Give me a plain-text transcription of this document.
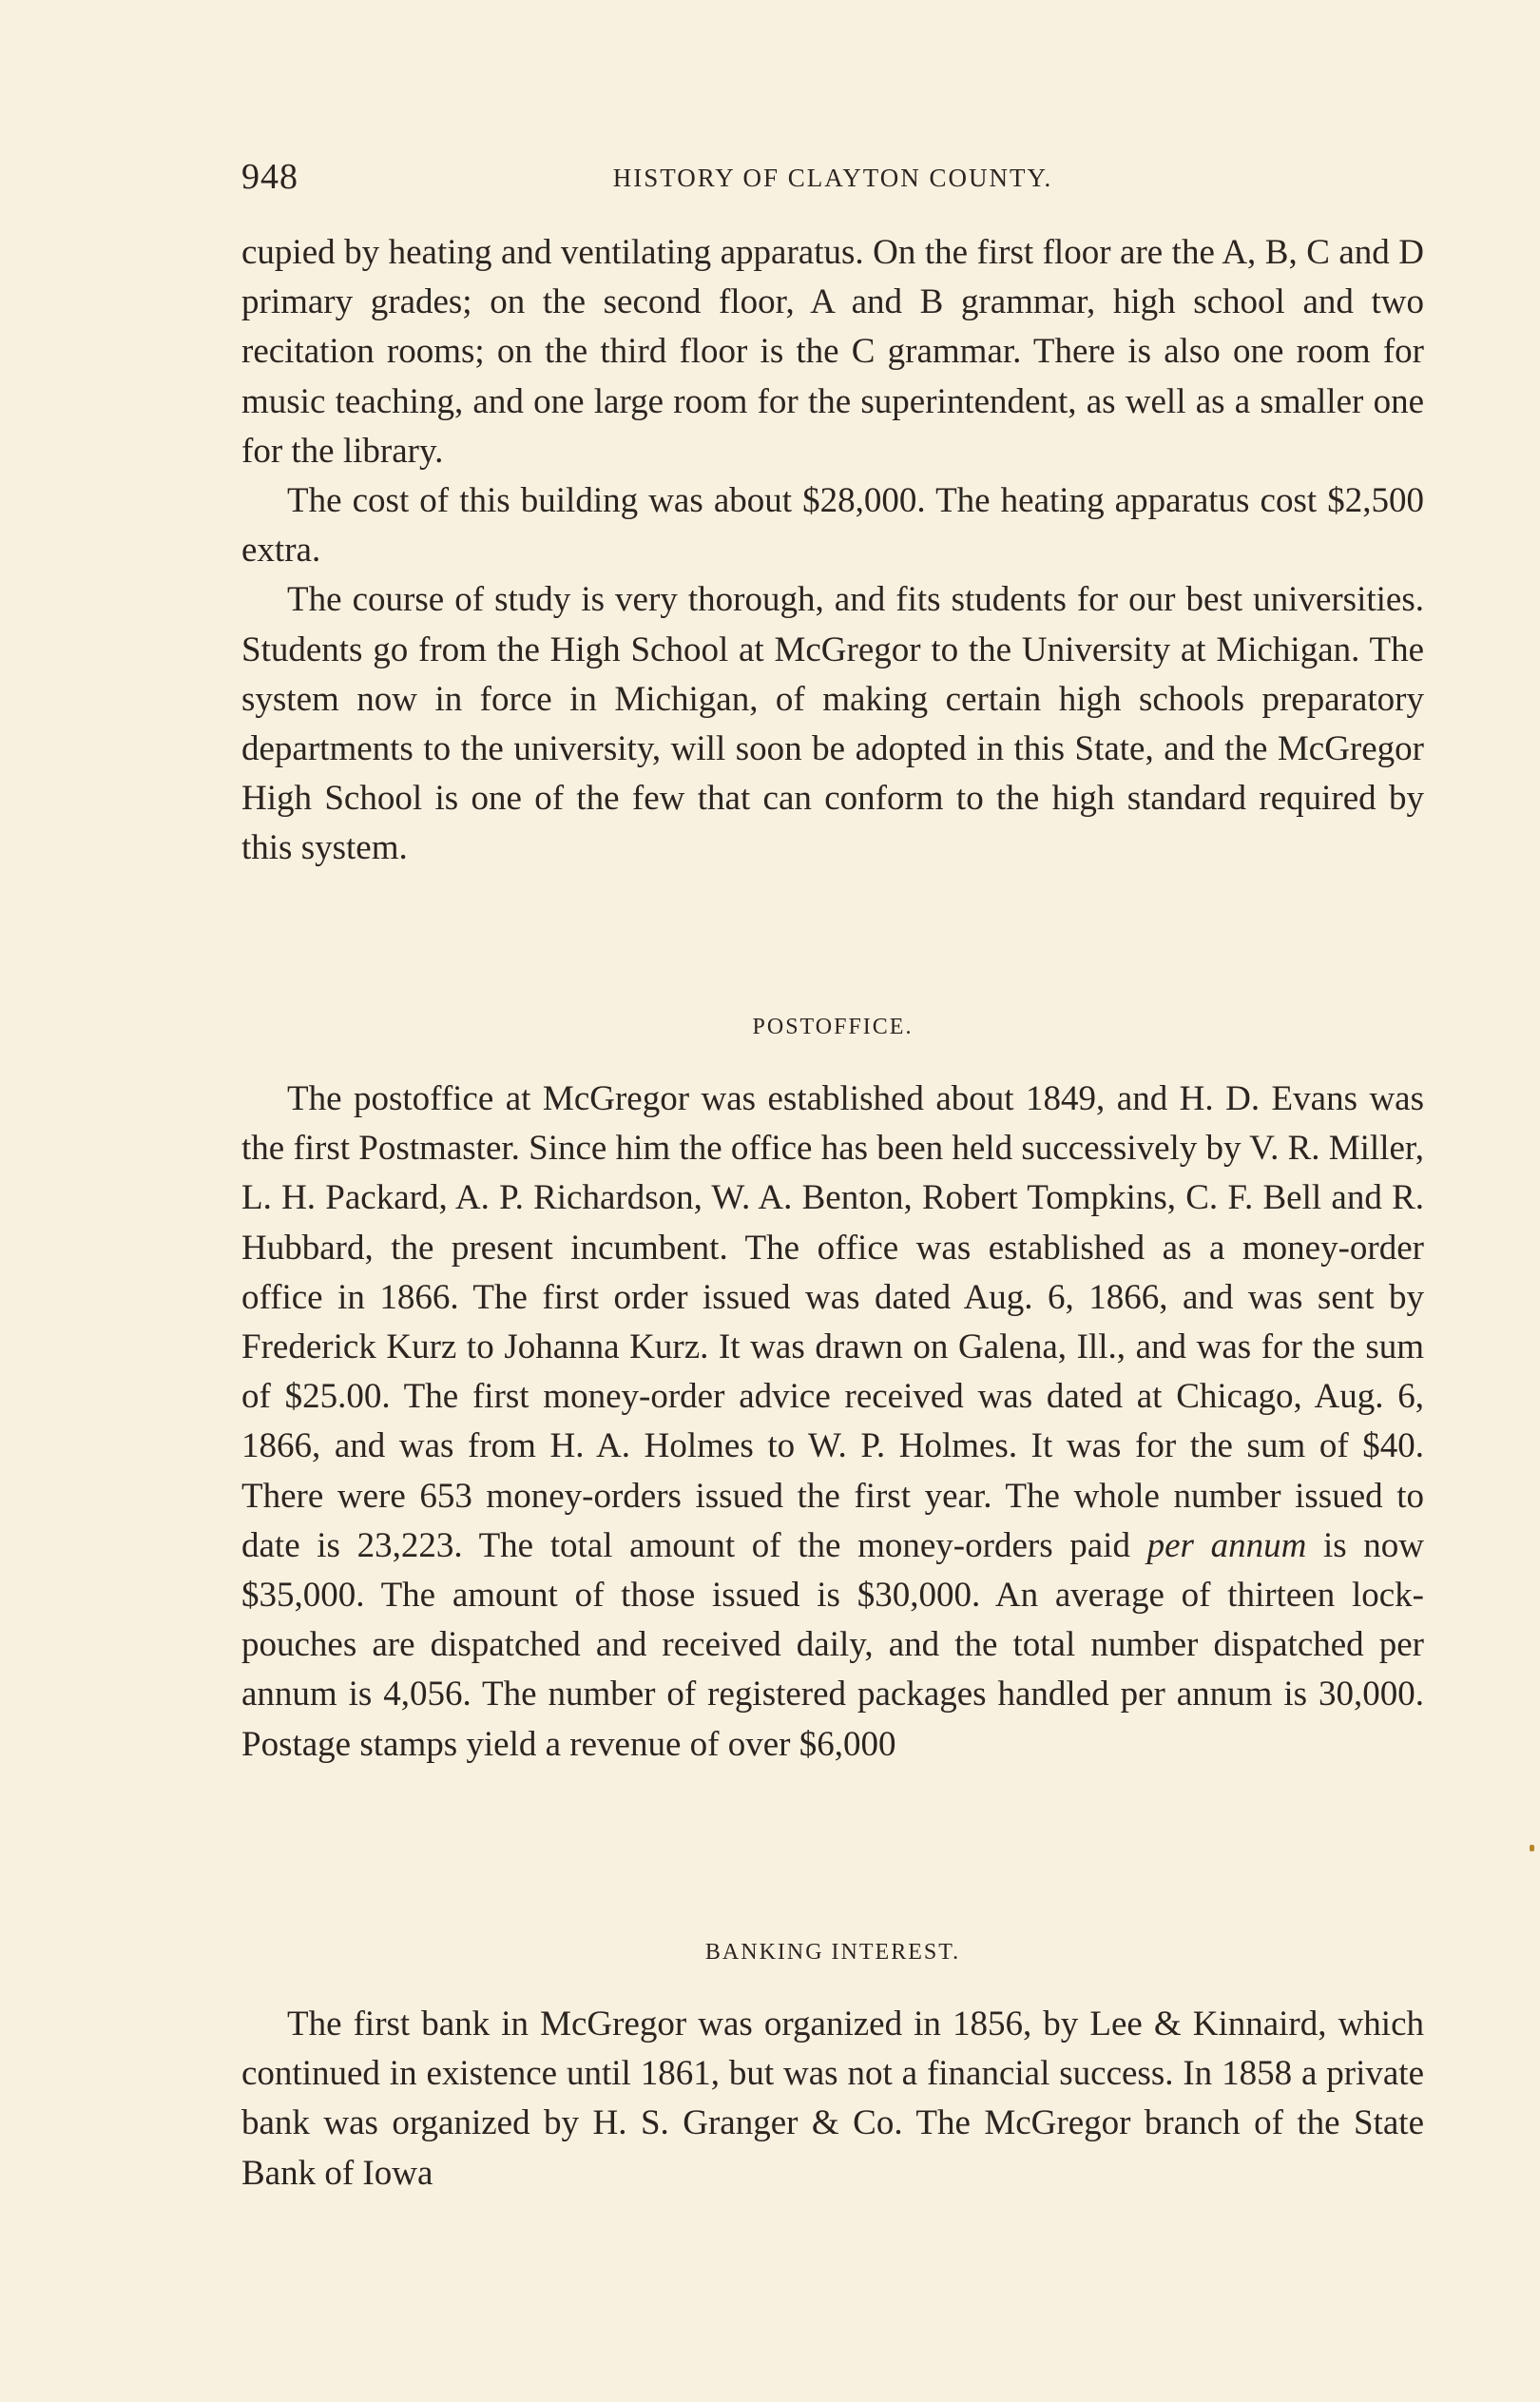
948	HISTORY OF CLAYTON COUNTY.

cupied by heating and ventilating apparatus. On the first floor are the A, B, C and D primary grades; on the second floor, A and B grammar, high school and two recitation rooms; on the third floor is the C grammar. There is also one room for music teaching, and one large room for the superintendent, as well as a smaller one for the library.

The cost of this building was about $28,000. The heating apparatus cost $2,500 extra.

The course of study is very thorough, and fits students for our best universities. Students go from the High School at McGregor to the University at Michigan. The system now in force in Michigan, of making certain high schools preparatory departments to the university, will soon be adopted in this State, and the McGregor High School is one of the few that can conform to the high standard required by this system.

POSTOFFICE.

The postoffice at McGregor was established about 1849, and H. D. Evans was the first Postmaster. Since him the office has been held successively by V. R. Miller, L. H. Packard, A. P. Richardson, W. A. Benton, Robert Tompkins, C. F. Bell and R. Hubbard, the present incumbent. The office was established as a money-order office in 1866. The first order issued was dated Aug. 6, 1866, and was sent by Frederick Kurz to Johanna Kurz. It was drawn on Galena, Ill., and was for the sum of $25.00. The first money-order advice received was dated at Chicago, Aug. 6, 1866, and was from H. A. Holmes to W. P. Holmes. It was for the sum of $40. There were 653 money-orders issued the first year. The whole number issued to date is 23,223. The total amount of the money-orders paid per annum is now $35,000. The amount of those issued is $30,000. An average of thirteen lock-pouches are dispatched and received daily, and the total number dispatched per annum is 4,056. The number of registered packages handled per annum is 30,000. Postage stamps yield a revenue of over $6,000

BANKING INTEREST.

The first bank in McGregor was organized in 1856, by Lee & Kinnaird, which continued in existence until 1861, but was not a financial success. In 1858 a private bank was organized by H. S. Granger & Co. The McGregor branch of the State Bank of Iowa
